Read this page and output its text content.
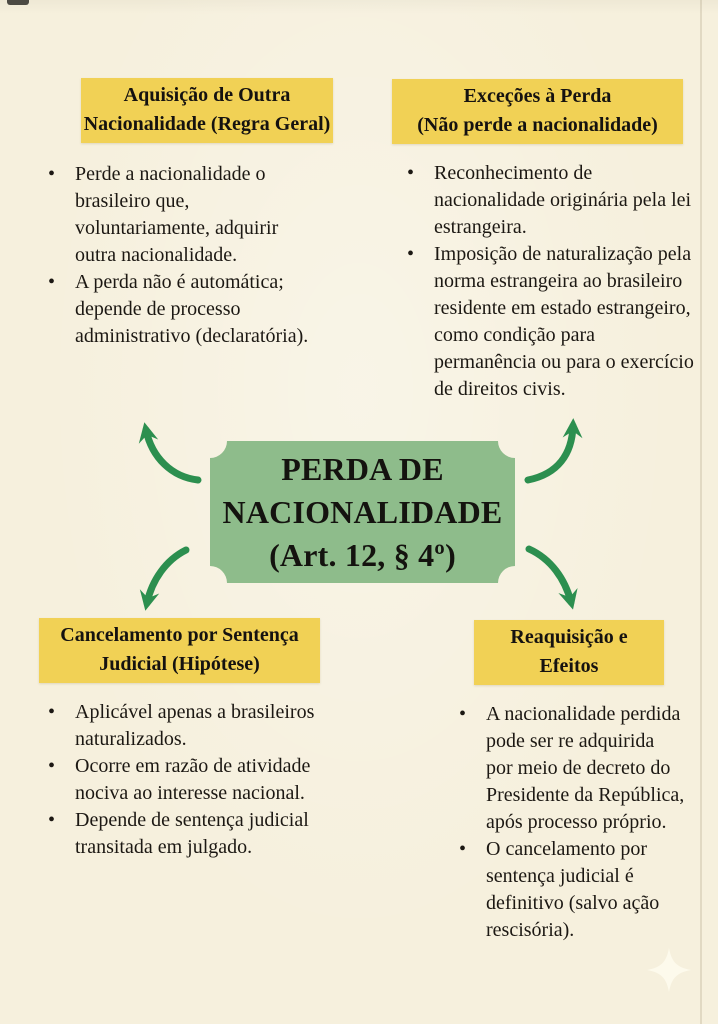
Aquisição de Outra
Nacionalidade (Regra Geral)
• Perde a nacionalidade o brasileiro que, voluntariamente, adquirir outra nacionalidade.
• A perda não é automática; depende de processo administrativo (declaratória).
Exceções à Perda
(Não perde a nacionalidade)
• Reconhecimento de nacionalidade originária pela lei estrangeira.
• Imposição de naturalização pela norma estrangeira ao brasileiro residente em estado estrangeiro, como condição para permanência ou para o exercício de direitos civis.
Cancelamento por Sentença
Judicial (Hipótese)
• Aplicável apenas a brasileiros naturalizados.
• Ocorre em razão de atividade nociva ao interesse nacional.
• Depende de sentença judicial transitada em julgado.
Reaquisição e
Efeitos
• A nacionalidade perdida pode ser re adquirida por meio de decreto do Presidente da República, após processo próprio.
• O cancelamento por sentença judicial é definitivo (salvo ação rescisória).
PERDA DE
NACIONALIDADE
(Art. 12, § 4º)
